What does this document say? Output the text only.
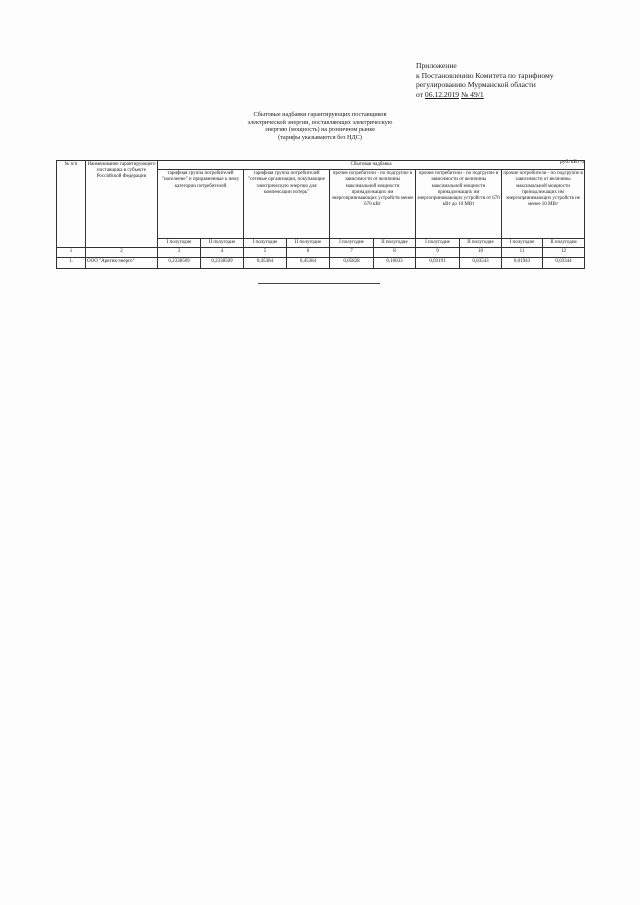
Приложение
к Постановлению Комитета по тарифному
регулированию Мурманской области
от 06.12.2019 № 49/1
Сбытовые надбавки гарантирующих поставщиков
электрической энергии, поставляющих электрическую
энергию (мощность) на розничном рынке
(тарифы указываются без НДС)
руб./кВт·ч
№ п/п	Наименование гарантирующего поставщика в субъекте Российской Федерации	Сбытовая надбавка									
		тарифная группа потребителей "население" и приравненные к нему категории потребителей		тарифная группа потребителей "сетевые организации, покупающие электрическую энергию для компенсации потерь"		прочие потребители - по подгруппе в зависимости от величины максимальной мощности принадлежащих им энергопринимающих устройств менее 670 кВт		прочие потребители - по подгруппе в зависимости от величины максимальной мощности принадлежащих им энергопринимающих устройств от 670 кВт до 10 МВт		прочие потребители - по подгруппе в зависимости от величины максимальной мощности принадлежащих им энергопринимающих устройств не менее 10 МВт	
		I полугодие	II полугодие	I полугодие	II полугодие	I полугодие	II полугодие	I полугодие	II полугодие	I полугодие	II полугодие
1	2	3	4	5	6	7	8	9	10	11	12
1.	ООО "Арктик-энерго"	0,2338509	0,2338509	0,45384	0,45384	0,05828	0,10033	0,03191	0,03543	0,01943	0,03344
